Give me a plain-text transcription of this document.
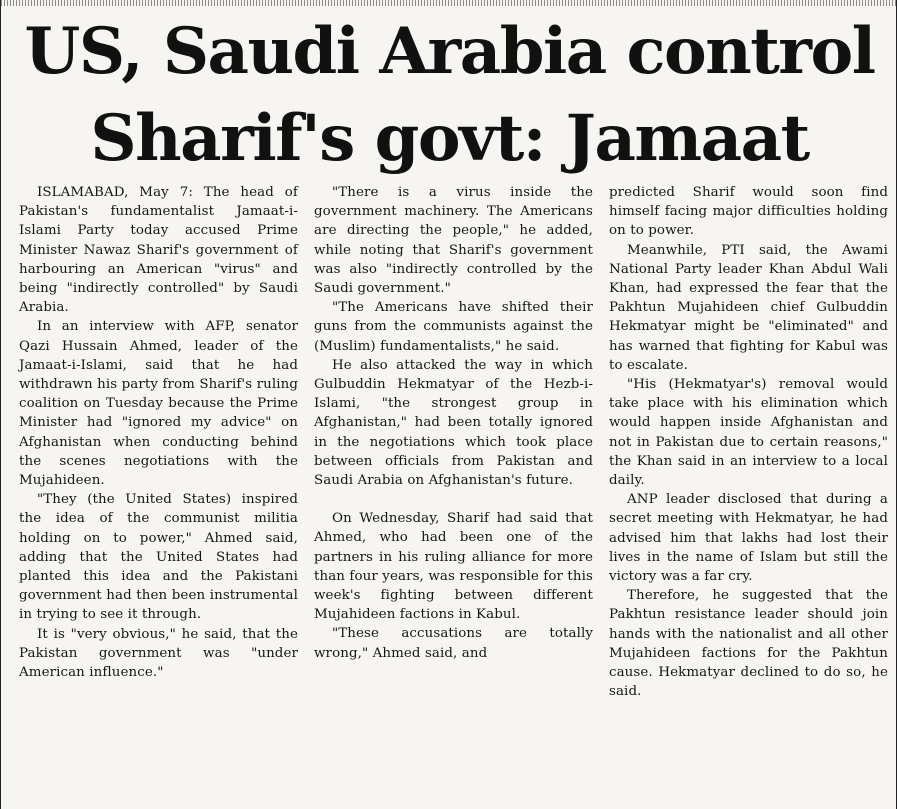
US, Saudi Arabia control
Sharif's govt: Jamaat

ISLAMABAD, May 7: The head of Pakistan's fundamentalist Jamaat-i-Islami Party today accused Prime Minister Nawaz Sharif's government of harbouring an American "virus" and being "indirectly controlled" by Saudi Arabia.

In an interview with AFP, senator Qazi Hussain Ahmed, leader of the Jamaat-i-Islami, said that he had withdrawn his party from Sharif's ruling coalition on Tuesday because the Prime Minister had "ignored my advice" on Afghanistan when conducting behind the scenes negotiations with the Mujahideen.

"They (the United States) inspired the idea of the communist militia holding on to power," Ahmed said, adding that the United States had planted this idea and the Pakistani government had then been instrumental in trying to see it through.

It is "very obvious," he said, that the Pakistan government was "under American influence."

"There is a virus inside the government machinery. The Americans are directing the people," he added, while noting that Sharif's government was also "indirectly controlled by the Saudi government."

"The Americans have shifted their guns from the communists against the (Muslim) fundamentalists," he said.

He also attacked the way in which Gulbuddin Hekmatyar of the Hezb-i-Islami, "the strongest group in Afghanistan," had been totally ignored in the negotiations which took place between officials from Pakistan and Saudi Arabia on Afghanistan's future.

On Wednesday, Sharif had said that Ahmed, who had been one of the partners in his ruling alliance for more than four years, was responsible for this week's fighting between different Mujahideen factions in Kabul.

"These accusations are totally wrong," Ahmed said, and

predicted Sharif would soon find himself facing major difficulties holding on to power.

Meanwhile, PTI said, the Awami National Party leader Khan Abdul Wali Khan, had expressed the fear that the Pakhtun Mujahideen chief Gulbuddin Hekmatyar might be "eliminated" and has warned that fighting for Kabul was to escalate.

"His (Hekmatyar's) removal would take place with his elimination which would happen inside Afghanistan and not in Pakistan due to certain reasons," the Khan said in an interview to a local daily.

ANP leader disclosed that during a secret meeting with Hekmatyar, he had advised him that lakhs had lost their lives in the name of Islam but still the victory was a far cry.

Therefore, he suggested that the Pakhtun resistance leader should join hands with the nationalist and all other Mujahideen factions for the Pakhtun cause. Hekmatyar declined to do so, he said.
